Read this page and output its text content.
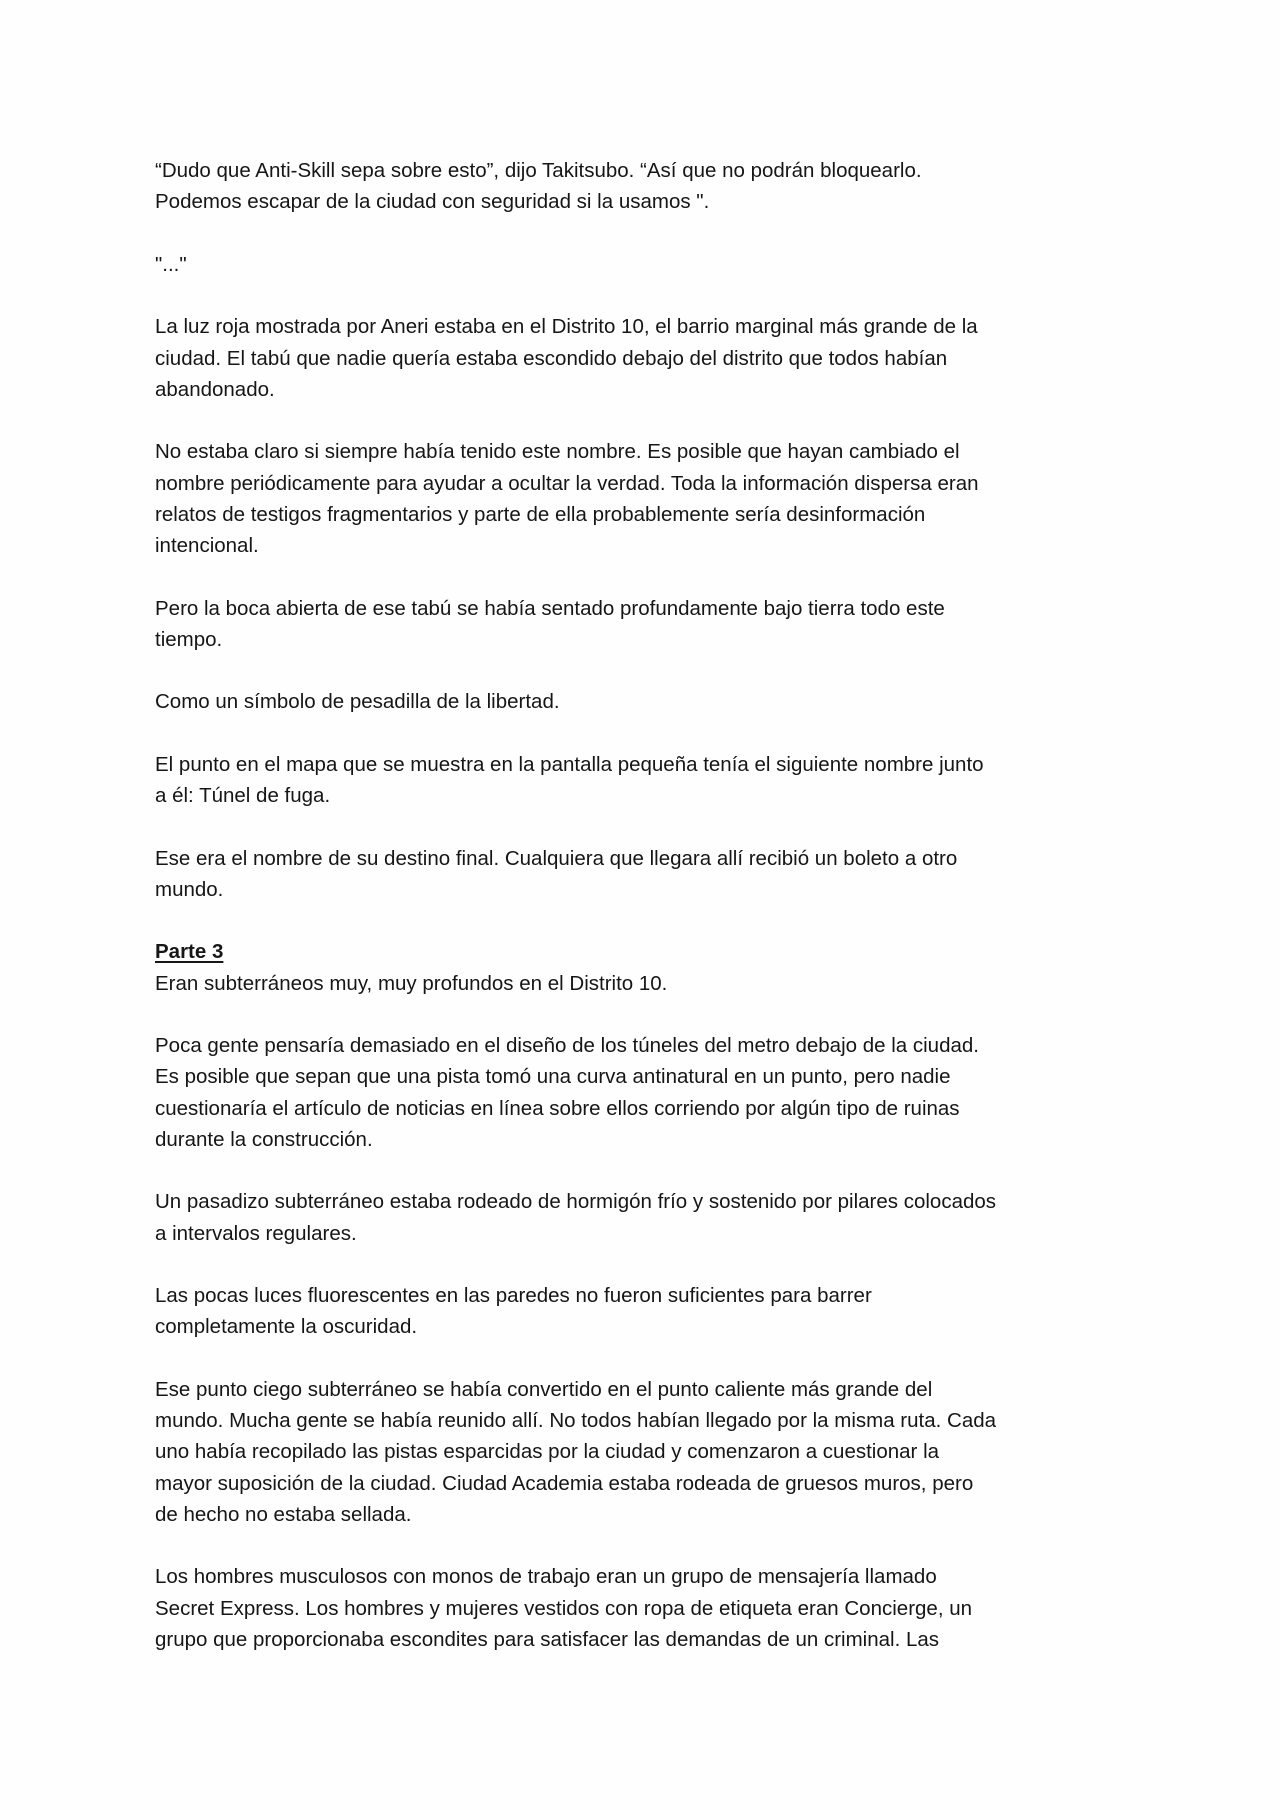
“Dudo que Anti-Skill sepa sobre esto”, dijo Takitsubo. “Así que no podrán bloquearlo.
Podemos escapar de la ciudad con seguridad si la usamos ".

"..."

La luz roja mostrada por Aneri estaba en el Distrito 10, el barrio marginal más grande de la
ciudad. El tabú que nadie quería estaba escondido debajo del distrito que todos habían
abandonado.

No estaba claro si siempre había tenido este nombre. Es posible que hayan cambiado el
nombre periódicamente para ayudar a ocultar la verdad. Toda la información dispersa eran
relatos de testigos fragmentarios y parte de ella probablemente sería desinformación
intencional.

Pero la boca abierta de ese tabú se había sentado profundamente bajo tierra todo este
tiempo.

Como un símbolo de pesadilla de la libertad.

El punto en el mapa que se muestra en la pantalla pequeña tenía el siguiente nombre junto
a él: Túnel de fuga.

Ese era el nombre de su destino final. Cualquiera que llegara allí recibió un boleto a otro
mundo.

Parte 3

Eran subterráneos muy, muy profundos en el Distrito 10.

Poca gente pensaría demasiado en el diseño de los túneles del metro debajo de la ciudad.
Es posible que sepan que una pista tomó una curva antinatural en un punto, pero nadie
cuestionaría el artículo de noticias en línea sobre ellos corriendo por algún tipo de ruinas
durante la construcción.

Un pasadizo subterráneo estaba rodeado de hormigón frío y sostenido por pilares colocados
a intervalos regulares.

Las pocas luces fluorescentes en las paredes no fueron suficientes para barrer
completamente la oscuridad.

Ese punto ciego subterráneo se había convertido en el punto caliente más grande del
mundo. Mucha gente se había reunido allí. No todos habían llegado por la misma ruta. Cada
uno había recopilado las pistas esparcidas por la ciudad y comenzaron a cuestionar la
mayor suposición de la ciudad. Ciudad Academia estaba rodeada de gruesos muros, pero
de hecho no estaba sellada.

Los hombres musculosos con monos de trabajo eran un grupo de mensajería llamado
Secret Express. Los hombres y mujeres vestidos con ropa de etiqueta eran Concierge, un
grupo que proporcionaba escondites para satisfacer las demandas de un criminal. Las
